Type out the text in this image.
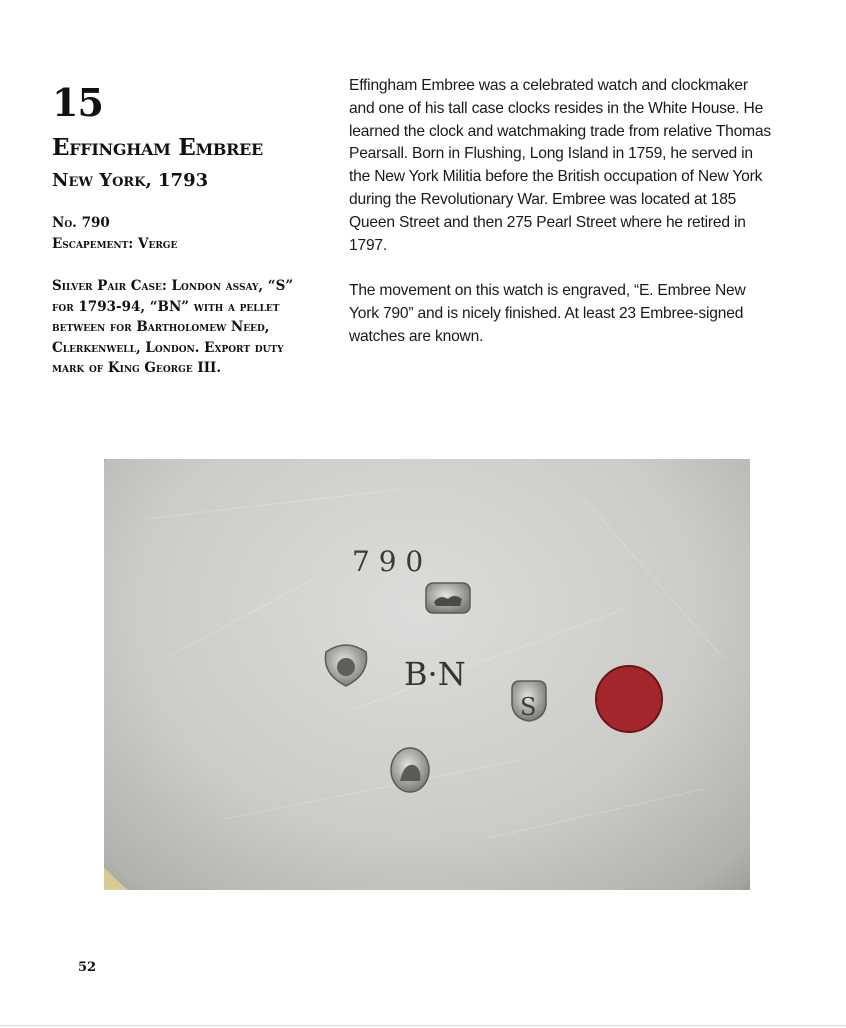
15
Effingham Embree
New York, 1793
No. 790
Escapement: Verge
Silver Pair Case: London assay, “S” for 1793-94, “BN” with a pellet between for Bartholomew Need, Clerkenwell, London. Export duty mark of King George III.

Effingham Embree was a celebrated watch and clockmaker and one of his tall case clocks resides in the White House. He learned the clock and watchmaking trade from relative Thomas Pearsall. Born in Flushing, Long Island in 1759, he served in the New York Militia before the British occupation of New York during the Revolutionary War. Embree was located at 185 Queen Street and then 275 Pearl Street where he retired in 1797.

The movement on this watch is engraved, “E. Embree New York 790” and is nicely finished. At least 23 Embree-signed watches are known.

7 9 0
B·N
S
52
